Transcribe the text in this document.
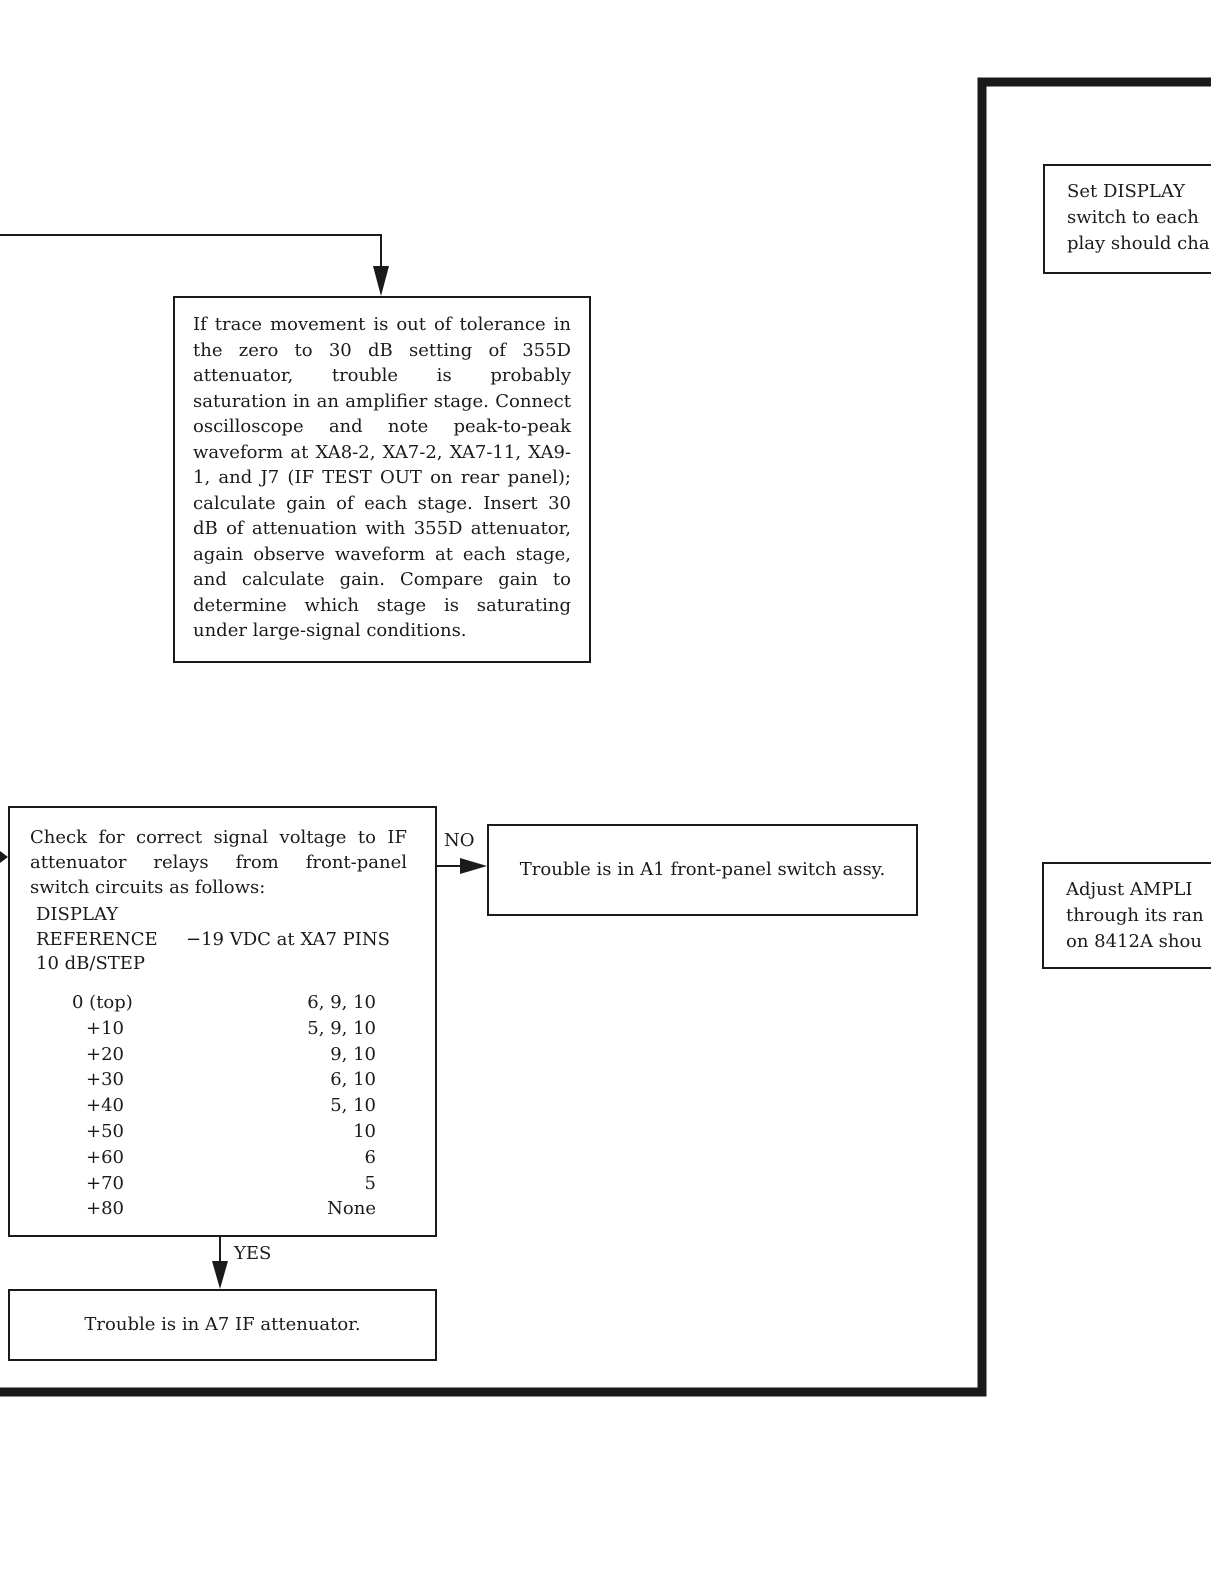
If trace movement is out of tolerance in the zero to 30 dB setting of 355D attenuator, trouble is probably saturation in an amplifier stage. Connect oscilloscope and note peak-to-peak waveform at XA8-2, XA7-2, XA7-11, XA9-1, and J7 (IF TEST OUT on rear panel); calculate gain of each stage. Insert 30 dB of attenuation with 355D attenuator, again observe waveform at each stage, and calculate gain. Compare gain to determine which stage is saturating under large-signal conditions.
Check for correct signal voltage to IF attenuator relays from front-panel switch circuits as follows:
DISPLAY
REFERENCE −19 VDC at XA7 PINS
10 dB/STEP
0 (top)	6, 9, 10
+10	5, 9, 10
+20	9, 10
+30	6, 10
+40	5, 10
+50	10
+60	6
+70	5
+80	None
NO
Trouble is in A1 front-panel switch assy.
YES
Trouble is in A7 IF attenuator.
Set DISPLAY
switch to each
play should cha
Adjust AMPLI
through its ran
on 8412A shou
